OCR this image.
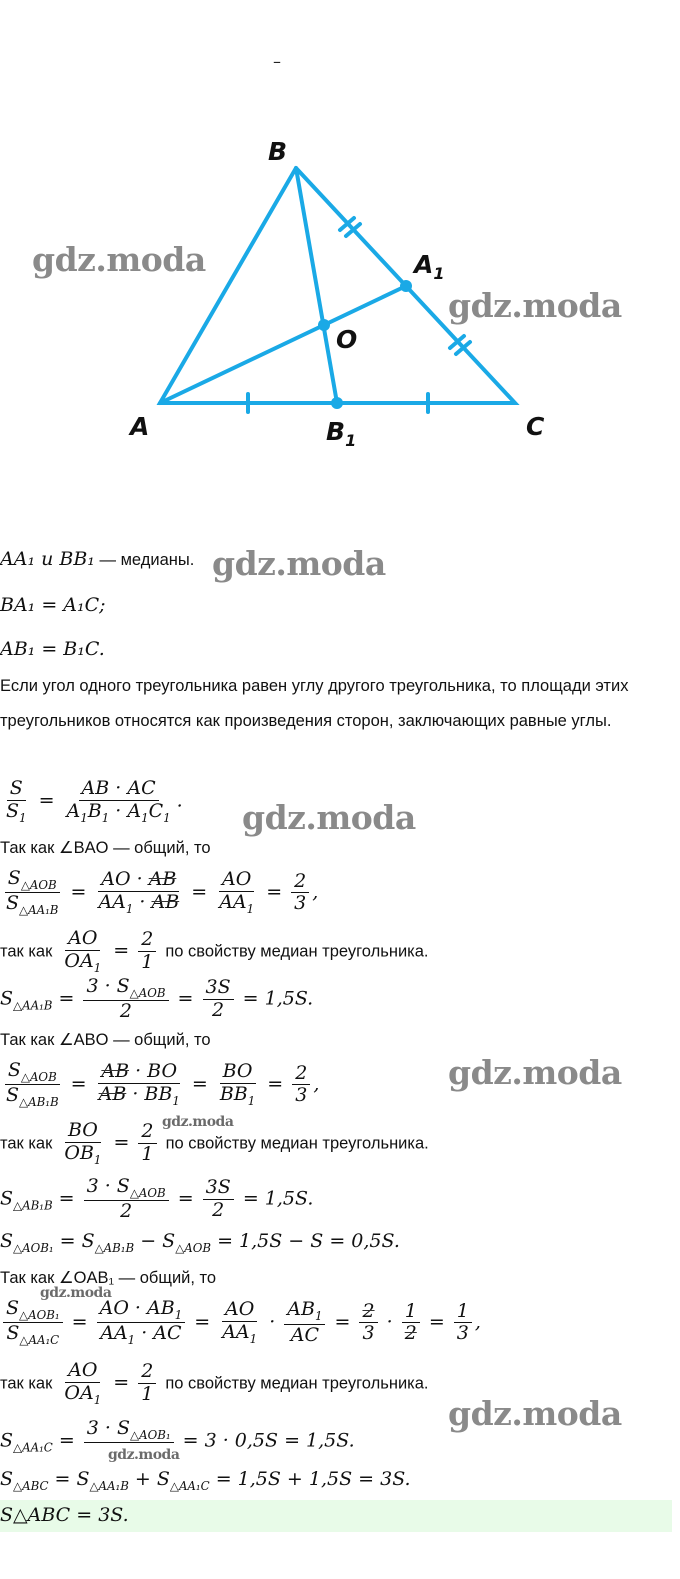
–
B
$A_1$
O
A	$B_1$	C
gdz.moda
gdz.moda
gdz.moda
gdz.moda
gdz.moda
gdz.moda
gdz.moda
gdz.moda
gdz.moda
AA₁ и BB₁ — медианы.
BA₁ = A₁C;
AB₁ = B₁C.
Если угол одного треугольника равен углу другого треугольника, то площади этих треугольников относятся как произведения сторон, заключающих равные углы.
$\frac{S}{S_1} = \frac{AB \cdot AC}{A_1B_1 \cdot A_1C_1}$ .
Так как ∠BAO — общий, то
$\frac{S_{\triangle AOB}}{S_{\triangle AA_1B}} = \frac{AO \cdot AB}{AA_1 \cdot AB} = \frac{AO}{AA_1} = \frac{2}{3}$ ,
так как $\frac{AO}{OA_1} = \frac{2}{1}$ по свойству медиан треугольника.
$S_{\triangle AA_1B} = \frac{3 \cdot S_{\triangle AOB}}{2} = \frac{3S}{2} = 1,5S$.
Так как ∠ABO — общий, то
$\frac{S_{\triangle AOB}}{S_{\triangle AB_1B}} = \frac{AB \cdot BO}{AB \cdot BB_1} = \frac{BO}{BB_1} = \frac{2}{3}$ ,
так как $\frac{BO}{OB_1} = \frac{2}{1}$ по свойству медиан треугольника.
$S_{\triangle AB_1B} = \frac{3 \cdot S_{\triangle AOB}}{2} = \frac{3S}{2} = 1,5S$.
$S_{\triangle AOB_1} = S_{\triangle AB_1B} - S_{\triangle AOB} = 1,5S - S = 0,5S$.
Так как ∠OAB₁ — общий, то
$\frac{S_{\triangle AOB_1}}{S_{\triangle AA_1C}} = \frac{AO \cdot AB_1}{AA_1 \cdot AC} = \frac{AO}{AA_1} \cdot \frac{AB_1}{AC} = \frac{2}{3} \cdot \frac{1}{2} = \frac{1}{3}$ ,
так как $\frac{AO}{OA_1} = \frac{2}{1}$ по свойству медиан треугольника.
$S_{\triangle AA_1C}$ =
$3 \cdot S_{\triangle AOB_1}$
= 3 · 0,5S = 1,5S.
$S_{\triangle ABC} = S_{\triangle AA_1B} + S_{\triangle AA_1C} = 1,5S + 1,5S = 3S$.
S△ABC = 3S.
